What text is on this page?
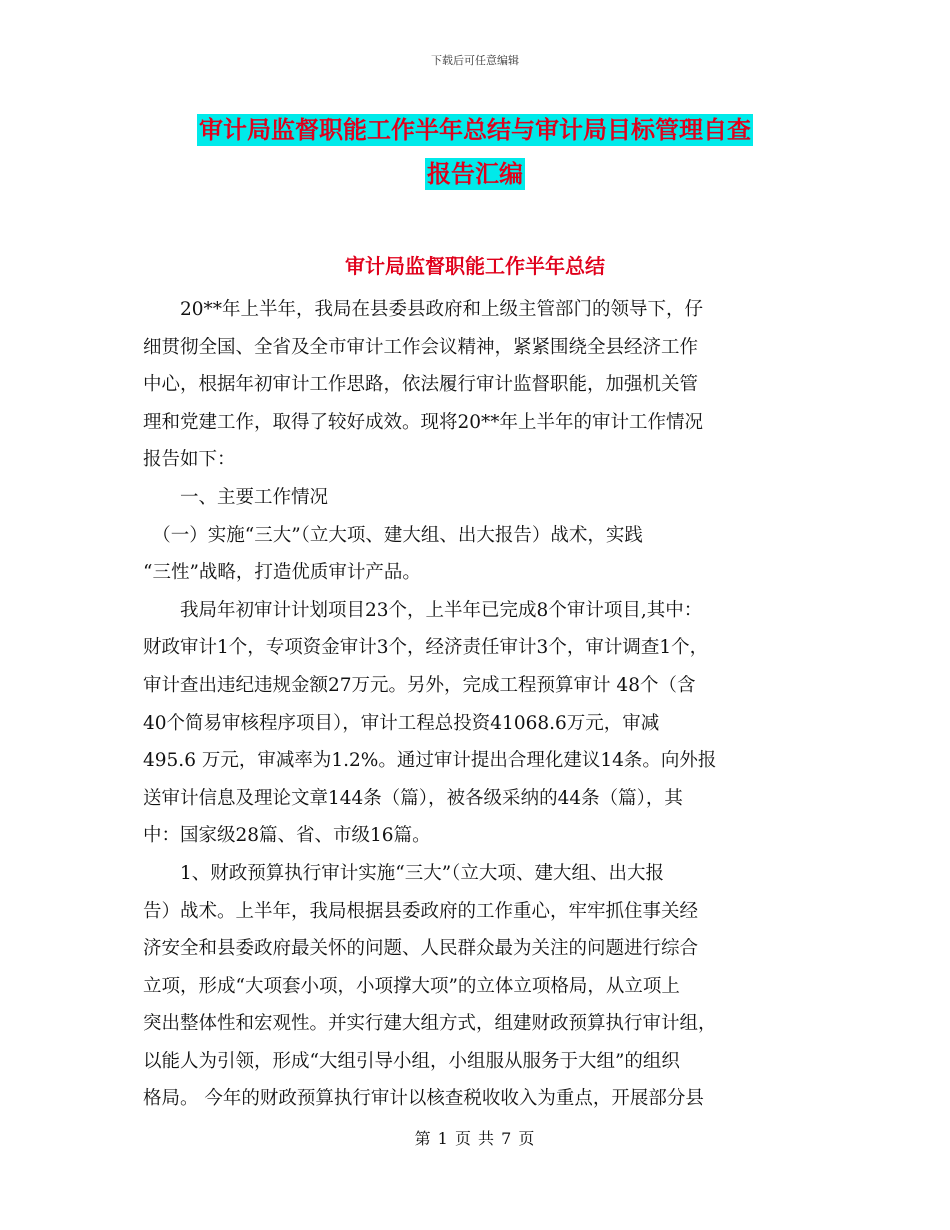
下载后可任意编辑
审计局监督职能工作半年总结与审计局目标管理自查
报告汇编
审计局监督职能工作半年总结
　　20**年上半年，我局在县委县政府和上级主管部门的领导下，仔
细贯彻全国、全省及全市审计工作会议精神，紧紧围绕全县经济工作
中心，根据年初审计工作思路，依法履行审计监督职能，加强机关管
理和党建工作，取得了较好成效。现将20**年上半年的审计工作情况
报告如下：
　　一、主要工作情况
　（一）实施“三大”（立大项、建大组、出大报告）战术，实践
“三性”战略，打造优质审计产品。
　　我局年初审计计划项目23个，上半年已完成8个审计项目,其中：
财政审计1个，专项资金审计3个，经济责任审计3个，审计调查1个，
审计查出违纪违规金额27万元。另外，完成工程预算审计 48个（含
40个简易审核程序项目），审计工程总投资41068.6万元，审减
495.6 万元，审减率为1.2%。通过审计提出合理化建议14条。向外报
送审计信息及理论文章144条（篇），被各级采纳的44条（篇），其
中：国家级28篇、省、市级16篇。
　　1、财政预算执行审计实施“三大”（立大项、建大组、出大报
告）战术。上半年，我局根据县委政府的工作重心，牢牢抓住事关经
济安全和县委政府最关怀的问题、人民群众最为关注的问题进行综合
立项，形成“大项套小项，小项撑大项”的立体立项格局，从立项上
突出整体性和宏观性。并实行建大组方式，组建财政预算执行审计组，
以能人为引领，形成“大组引导小组，小组服从服务于大组”的组织
格局。 今年的财政预算执行审计以核查税收收入为重点，开展部分县
第 1 页 共 7 页
